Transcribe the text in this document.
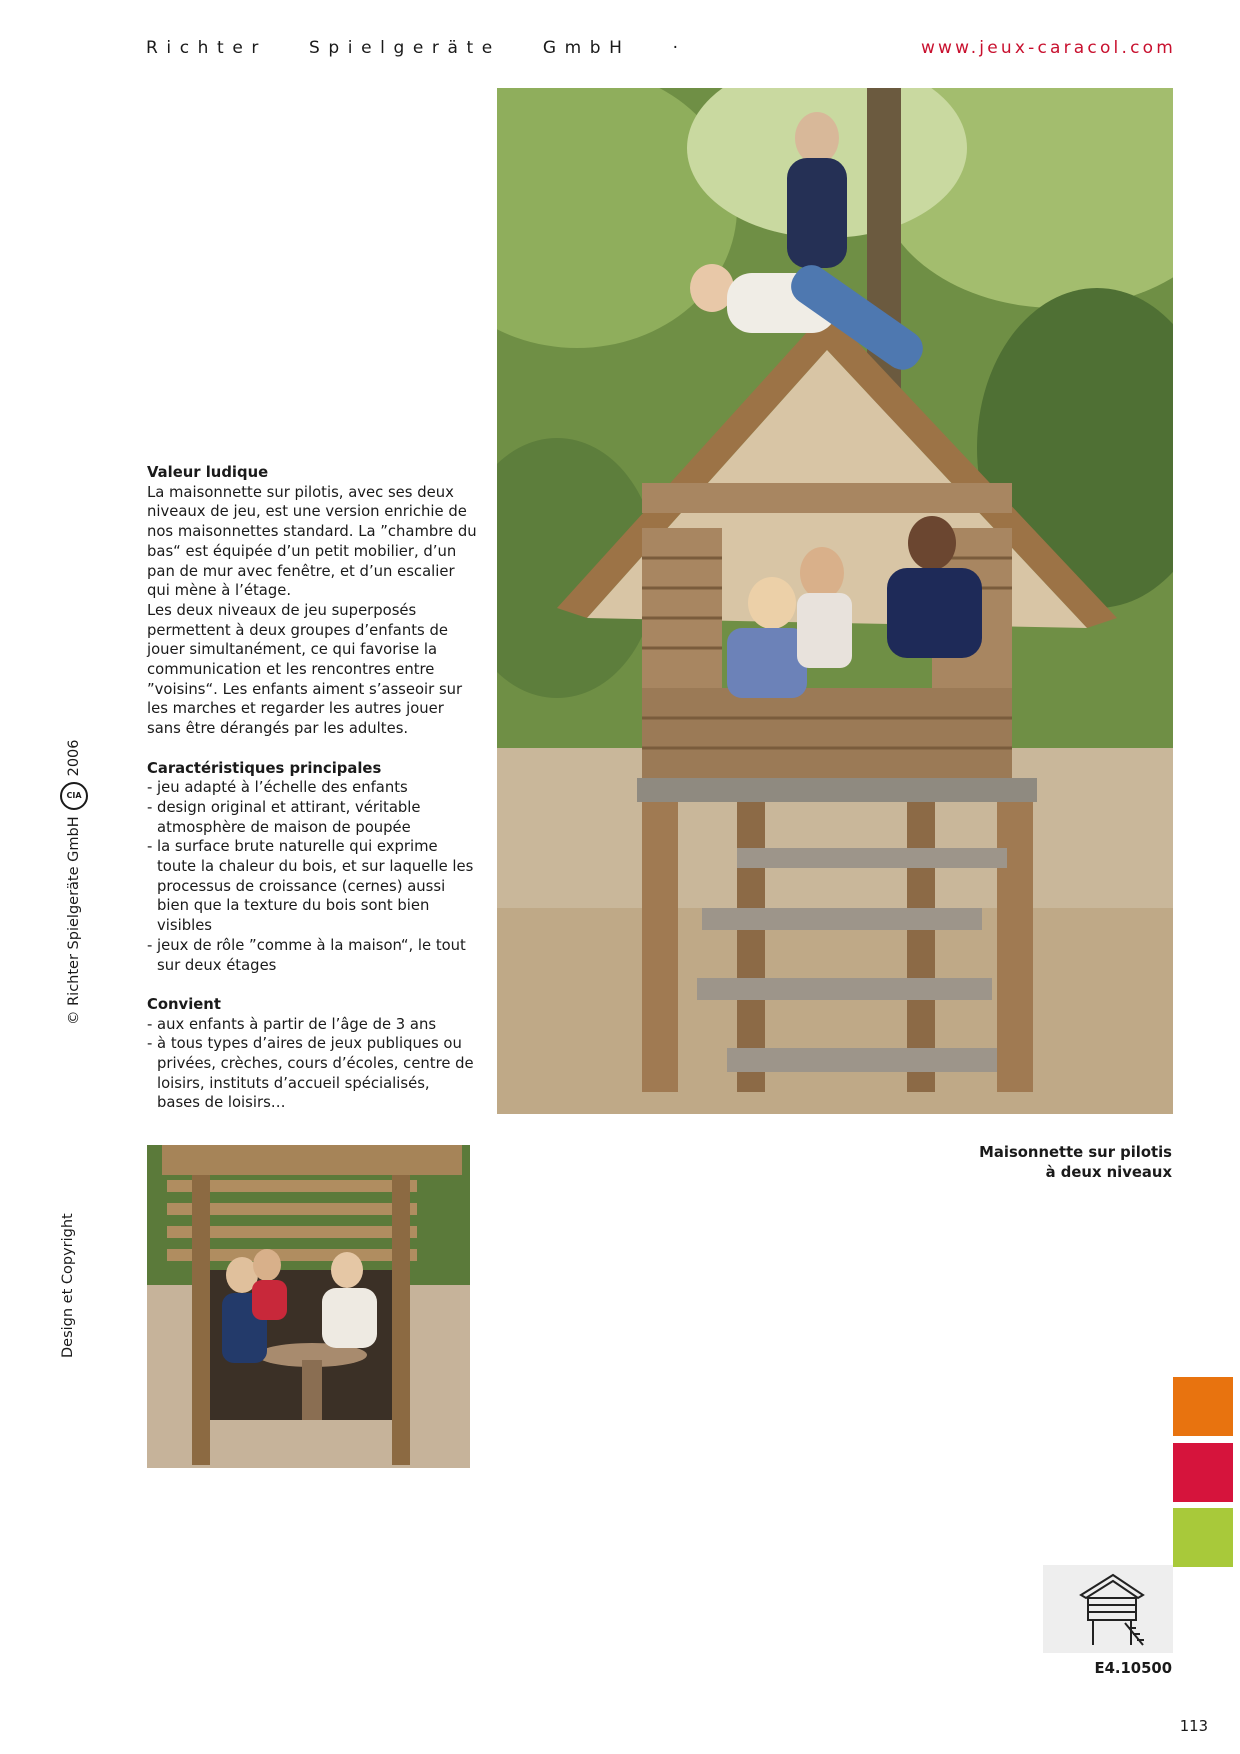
Richter   Spielgeräte   GmbH   ·	www.jeux-caracol.com
Valeur ludique

La maisonnette sur pilotis, avec ses deux niveaux de jeu, est une version enrichie de nos maisonnettes standard. La ”chambre du bas“ est équipée d’un petit mobilier, d’un pan de mur avec fenêtre, et d’un escalier qui mène à l’étage.

Les deux niveaux de jeu superposés permettent à deux groupes d’enfants de jouer simultanément, ce qui favorise la communication et les rencontres entre ”voisins“. Les enfants aiment s’asseoir sur les marches et regarder les autres jouer sans être dérangés par les adultes.

Caractéristiques principales
- jeu adapté à l’échelle des enfants
- design original et attirant, véritable atmosphère de maison de poupée
- la surface brute naturelle qui exprime toute la chaleur du bois, et sur laquelle les processus de croissance (cernes) aussi bien que la texture du bois sont bien visibles
- jeux de rôle ”comme à la maison“, le tout sur deux étages
Convient
- aux enfants à partir de l’âge de 3 ans
- à tous types d’aires de jeux publiques ou privées, crèches, cours d’écoles, centre de loisirs, instituts d’accueil spécialisés, bases de loisirs…
© Richter Spielgeräte GmbH
CIA
2006
Design et Copyright
Maisonnette sur pilotis
à deux niveaux
E4.10500
113
